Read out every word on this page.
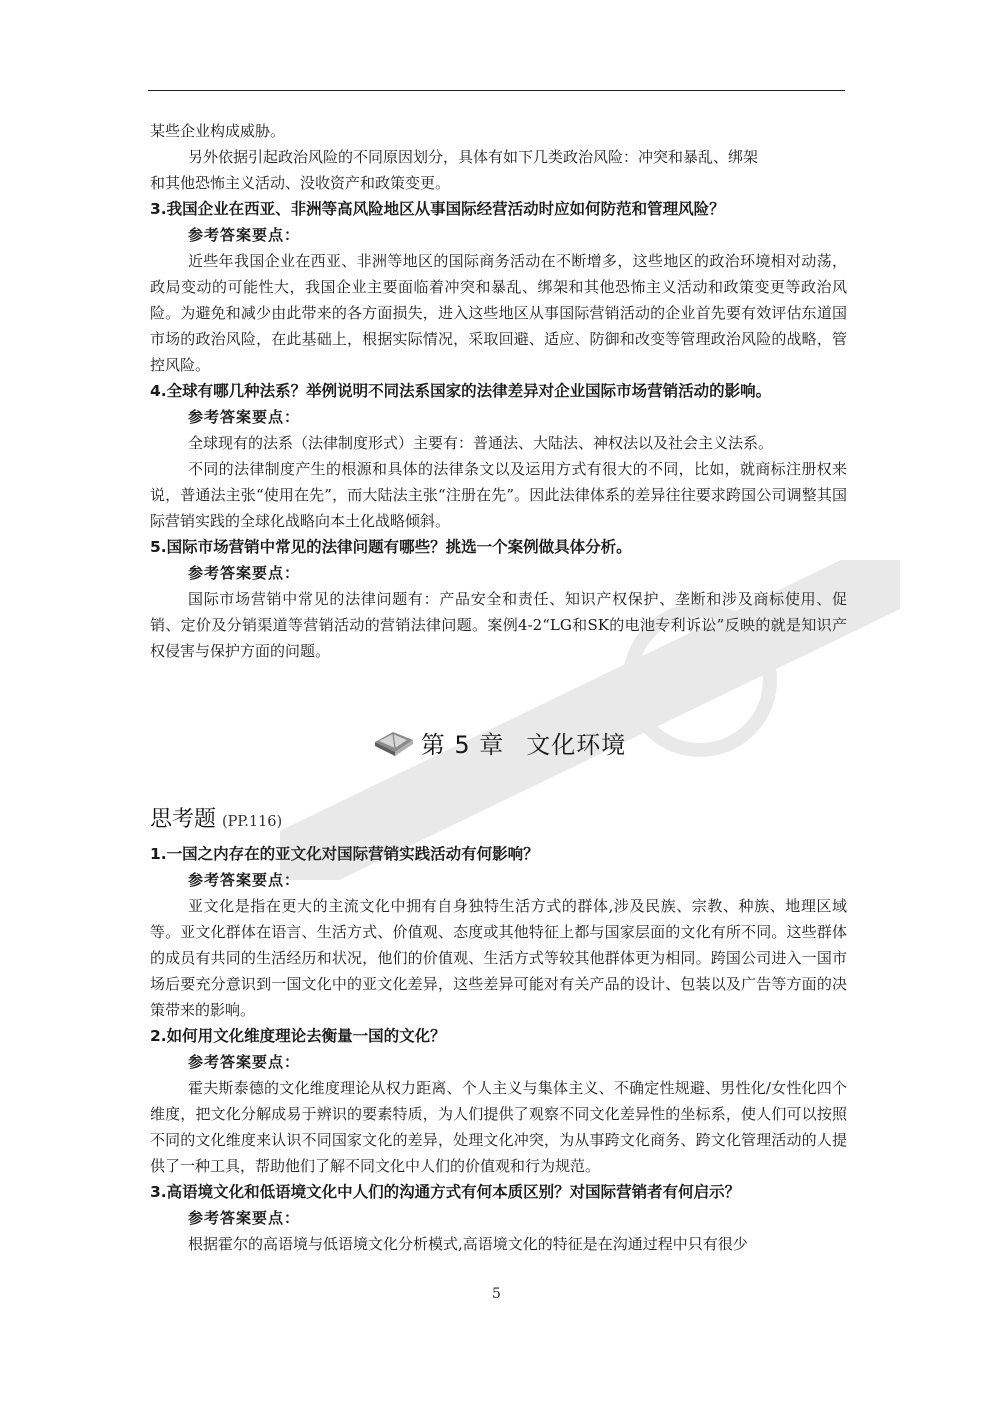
某些企业构成威胁。

另外依据引起政治风险的不同原因划分，具体有如下几类政治风险：冲突和暴乱、绑架

和其他恐怖主义活动、没收资产和政策变更。

3.我国企业在西亚、非洲等高风险地区从事国际经营活动时应如何防范和管理风险？

参考答案要点：

近些年我国企业在西亚、非洲等地区的国际商务活动在不断增多，这些地区的政治环境相对动荡，政局变动的可能性大，我国企业主要面临着冲突和暴乱、绑架和其他恐怖主义活动和政策变更等政治风险。为避免和减少由此带来的各方面损失，进入这些地区从事国际营销活动的企业首先要有效评估东道国市场的政治风险，在此基础上，根据实际情况，采取回避、适应、防御和改变等管理政治风险的战略，管控风险。

4.全球有哪几种法系？举例说明不同法系国家的法律差异对企业国际市场营销活动的影响。

参考答案要点：

全球现有的法系（法律制度形式）主要有：普通法、大陆法、神权法以及社会主义法系。

不同的法律制度产生的根源和具体的法律条文以及运用方式有很大的不同，比如，就商标注册权来说，普通法主张“使用在先”，而大陆法主张“注册在先”。因此法律体系的差异往往要求跨国公司调整其国际营销实践的全球化战略向本土化战略倾斜。

5.国际市场营销中常见的法律问题有哪些？挑选一个案例做具体分析。

参考答案要点：

国际市场营销中常见的法律问题有：产品安全和责任、知识产权保护、垄断和涉及商标使用、促销、定价及分销渠道等营销活动的营销法律问题。案例4-2“LG和SK的电池专利诉讼”反映的就是知识产权侵害与保护方面的问题。

第 5 章 文化环境
思考题 (PP.116)

1.一国之内存在的亚文化对国际营销实践活动有何影响？

参考答案要点：

亚文化是指在更大的主流文化中拥有自身独特生活方式的群体,涉及民族、宗教、种族、地理区域等。亚文化群体在语言、生活方式、价值观、态度或其他特征上都与国家层面的文化有所不同。这些群体的成员有共同的生活经历和状况，他们的价值观、生活方式等较其他群体更为相同。跨国公司进入一国市场后要充分意识到一国文化中的亚文化差异，这些差异可能对有关产品的设计、包装以及广告等方面的决策带来的影响。

2.如何用文化维度理论去衡量一国的文化？

参考答案要点：

霍夫斯泰德的文化维度理论从权力距离、个人主义与集体主义、不确定性规避、男性化/女性化四个维度，把文化分解成易于辨识的要素特质，为人们提供了观察不同文化差异性的坐标系，使人们可以按照不同的文化维度来认识不同国家文化的差异，处理文化冲突，为从事跨文化商务、跨文化管理活动的人提供了一种工具，帮助他们了解不同文化中人们的价值观和行为规范。

3.高语境文化和低语境文化中人们的沟通方式有何本质区别？对国际营销者有何启示？

参考答案要点：

根据霍尔的高语境与低语境文化分析模式,高语境文化的特征是在沟通过程中只有很少

5
